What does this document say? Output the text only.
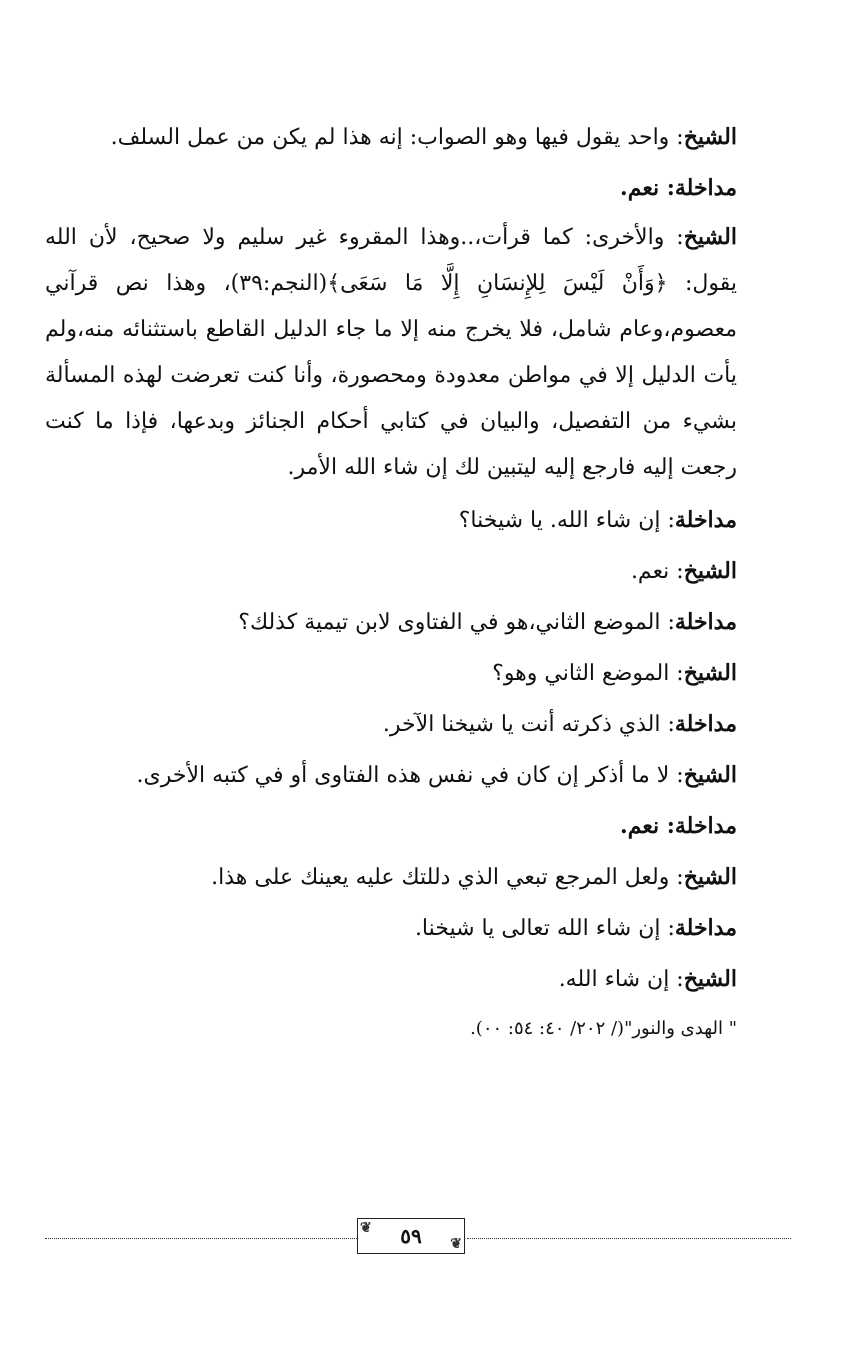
الشيخ: واحد يقول فيها وهو الصواب: إنه هذا لم يكن من عمل السلف.

مداخلة: نعم.

الشيخ: والأخرى: كما قرأت،..وهذا المقروء غير سليم ولا صحيح، لأن الله يقول: ﴿وَأَنْ لَيْسَ لِلإِنسَانِ إِلَّا مَا سَعَى﴾(النجم:٣٩)، وهذا نص قرآني معصوم،وعام شامل، فلا يخرج منه إلا ما جاء الدليل القاطع باستثنائه منه،ولم يأت الدليل إلا في مواطن معدودة ومحصورة، وأنا كنت تعرضت لهذه المسألة بشيء من التفصيل، والبيان في كتابي أحكام الجنائز وبدعها، فإذا ما كنت رجعت إليه فارجع إليه ليتبين لك إن شاء الله الأمر.

مداخلة: إن شاء الله. يا شيخنا؟

الشيخ: نعم.

مداخلة: الموضع الثاني،هو في الفتاوى لابن تيمية كذلك؟

الشيخ: الموضع الثاني وهو؟

مداخلة: الذي ذكرته أنت يا شيخنا الآخر.

الشيخ: لا ما أذكر إن كان في نفس هذه الفتاوى أو في كتبه الأخرى.

مداخلة: نعم.

الشيخ: ولعل المرجع تبعي الذي دللتك عليه يعينك على هذا.

مداخلة: إن شاء الله تعالى يا شيخنا.

الشيخ: إن شاء الله.

" الهدى والنور"(/ ٢٠٢/ ٤٠: ٥٤: ٠٠).

❦ ٥٩ ❦
